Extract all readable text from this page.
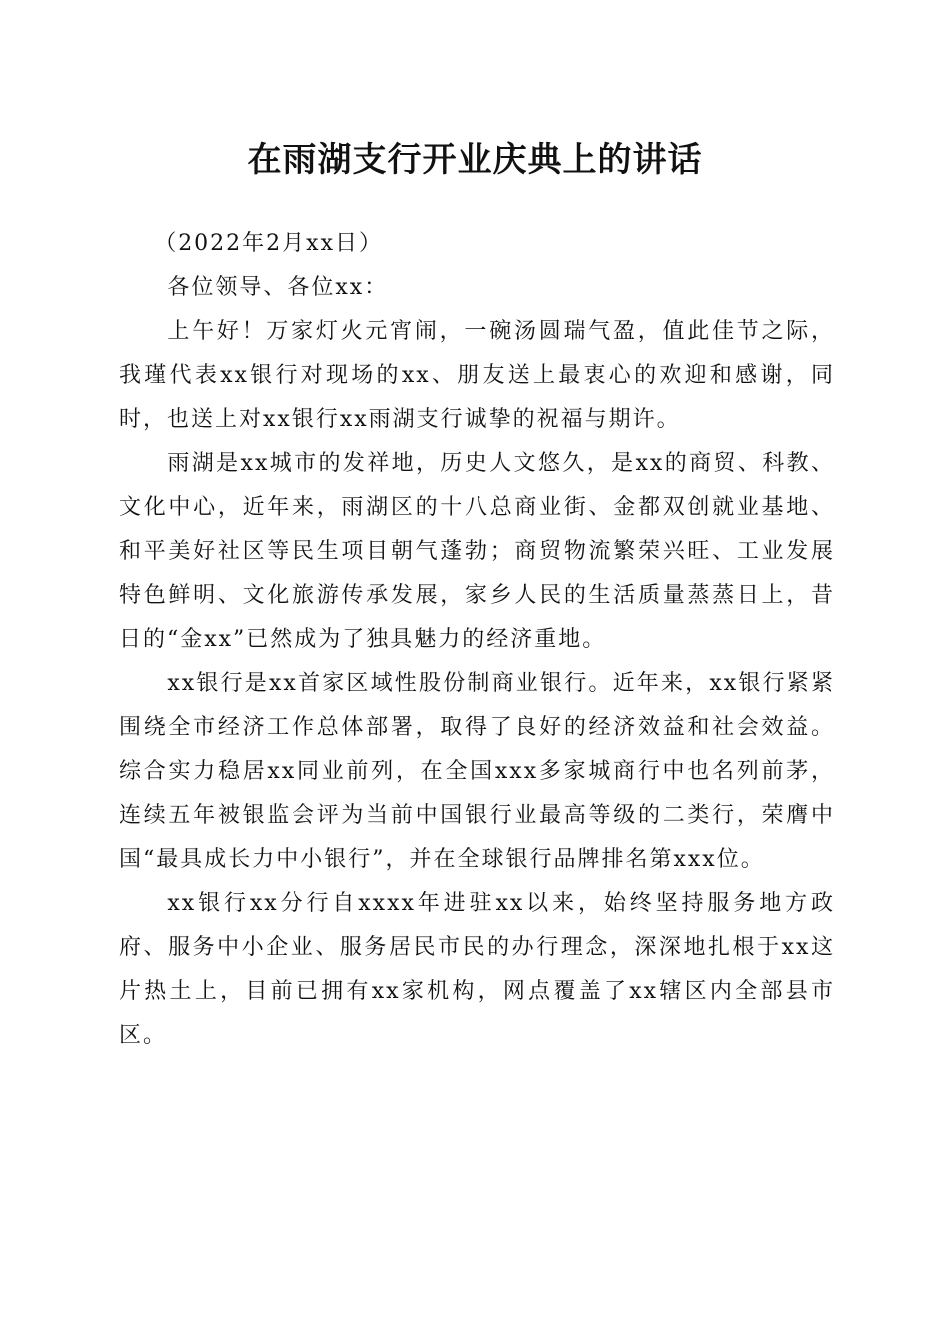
在雨湖支行开业庆典上的讲话

（2022年2月xx日）

各位领导、各位xx：

上午好！万家灯火元宵闹，一碗汤圆瑞气盈，值此佳节之际，我瑾代表xx银行对现场的xx、朋友送上最衷心的欢迎和感谢，同时，也送上对xx银行xx雨湖支行诚挚的祝福与期许。

雨湖是xx城市的发祥地，历史人文悠久，是xx的商贸、科教、文化中心，近年来，雨湖区的十八总商业街、金都双创就业基地、和平美好社区等民生项目朝气蓬勃；商贸物流繁荣兴旺、工业发展特色鲜明、文化旅游传承发展，家乡人民的生活质量蒸蒸日上，昔日的“金xx”已然成为了独具魅力的经济重地。

xx银行是xx首家区域性股份制商业银行。近年来，xx银行紧紧围绕全市经济工作总体部署，取得了良好的经济效益和社会效益。综合实力稳居xx同业前列，在全国xxx多家城商行中也名列前茅，连续五年被银监会评为当前中国银行业最高等级的二类行，荣膺中国“最具成长力中小银行”，并在全球银行品牌排名第xxx位。

xx银行xx分行自xxxx年进驻xx以来，始终坚持服务地方政府、服务中小企业、服务居民市民的办行理念，深深地扎根于xx这片热土上，目前已拥有xx家机构，网点覆盖了xx辖区内全部县市区。
